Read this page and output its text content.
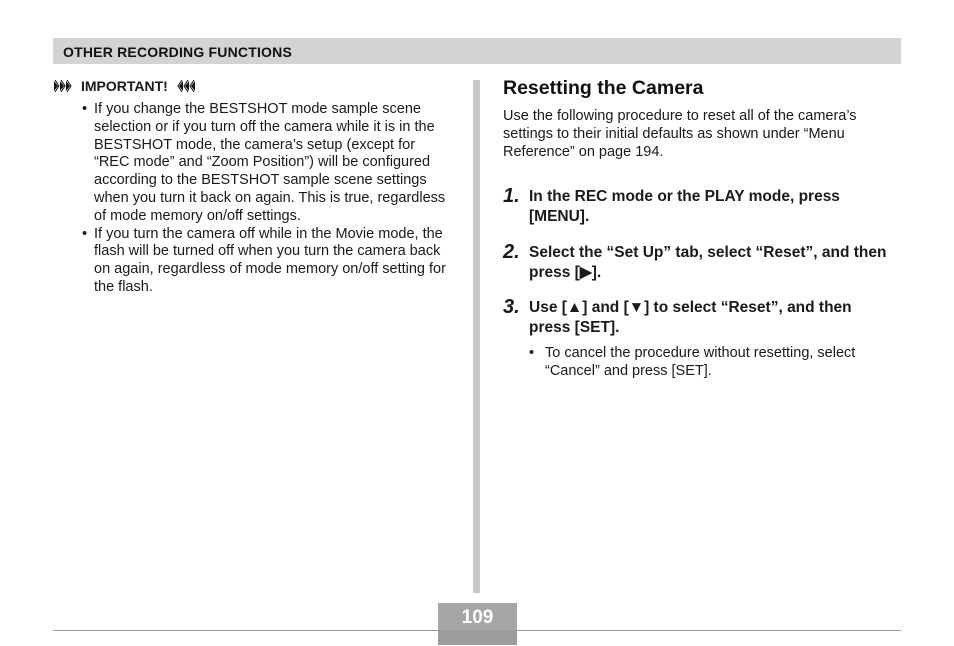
OTHER RECORDING FUNCTIONS
IMPORTANT!
• If you change the BESTSHOT mode sample scene selection or if you turn off the camera while it is in the BESTSHOT mode, the camera’s setup (except for “REC mode” and “Zoom Position”) will be configured according to the BESTSHOT sample scene settings when you turn it back on again. This is true, regardless of mode memory on/off settings.
• If you turn the camera off while in the Movie mode, the flash will be turned off when you turn the camera back on again, regardless of mode memory on/off setting for the flash.
Resetting the Camera

Use the following procedure to reset all of the camera’s settings to their initial defaults as shown under “Menu Reference” on page 194.

1. In the REC mode or the PLAY mode, press [MENU].
2. Select the “Set Up” tab, select “Reset”, and then press [▶].
3. Use [▲] and [▼] to select “Reset”, and then press [SET].

• To cancel the procedure without resetting, select “Cancel” and press [SET].

109
